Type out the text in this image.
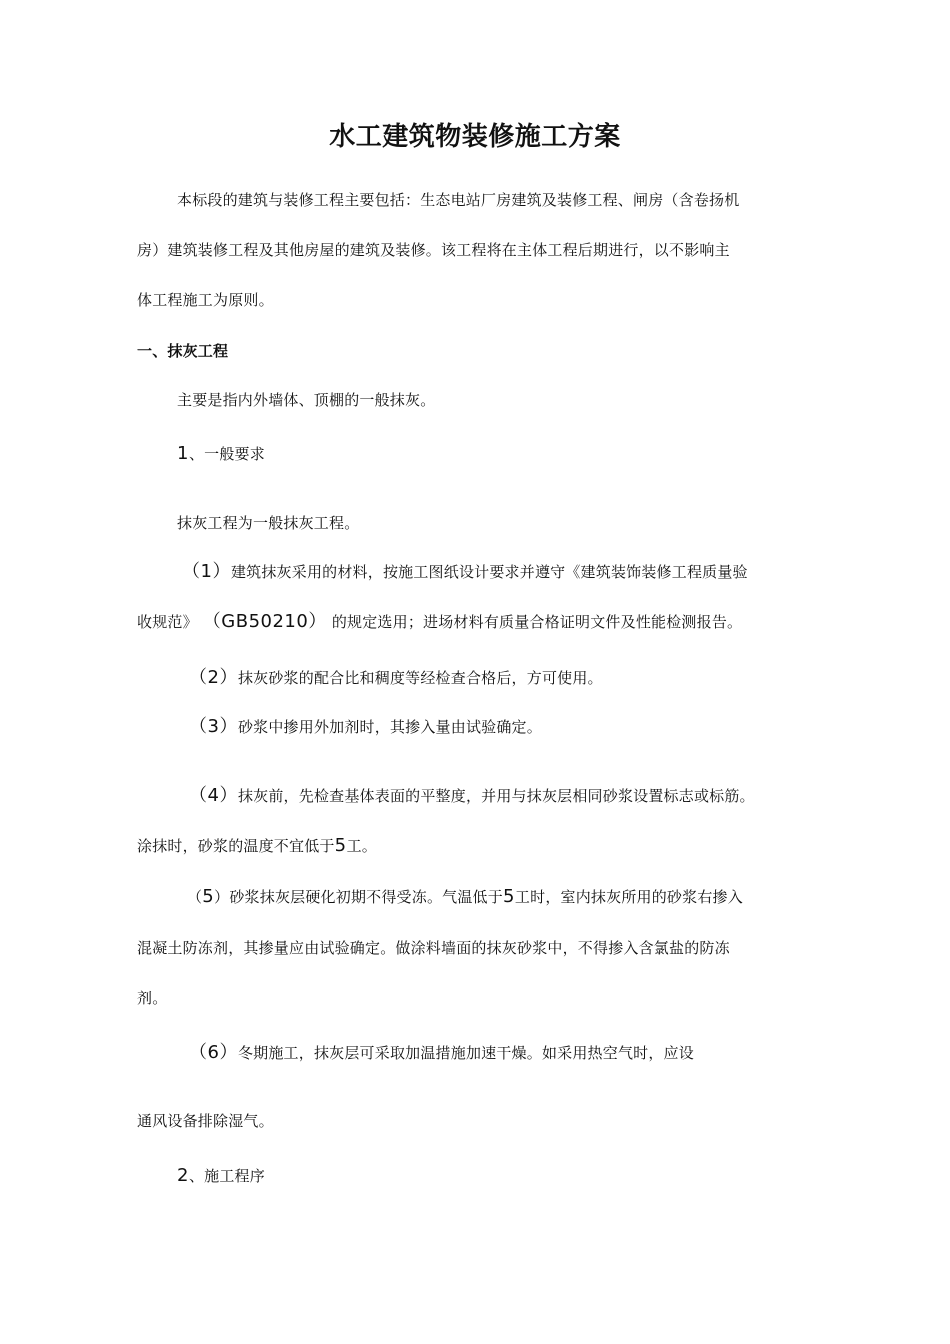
水工建筑物装修施工方案
本标段的建筑与装修工程主要包括：生态电站厂房建筑及装修工程、闸房（含卷扬机
房）建筑装修工程及其他房屋的建筑及装修。该工程将在主体工程后期进行，以不影响主
体工程施工为原则。
一、抹灰工程
主要是指内外墙体、顶棚的一般抹灰。
1、一般要求
抹灰工程为一般抹灰工程。
（1）建筑抹灰采用的材料，按施工图纸设计要求并遵守《建筑装饰装修工程质量验
收规范》 （GB50210） 的规定选用；进场材料有质量合格证明文件及性能检测报告。
（2）抹灰砂浆的配合比和稠度等经检查合格后，方可使用。
（3）砂浆中掺用外加剂时，其掺入量由试验确定。
（4）抹灰前，先检查基体表面的平整度，并用与抹灰层相同砂浆设置标志或标筋。
涂抹时，砂浆的温度不宜低于5工。
（5）砂浆抹灰层硬化初期不得受冻。气温低于5工时，室内抹灰所用的砂浆右掺入
混凝土防冻剂，其掺量应由试验确定。做涂料墙面的抹灰砂浆中，不得掺入含氯盐的防冻
剂。
（6）冬期施工，抹灰层可采取加温措施加速干燥。如采用热空气时，应设
通风设备排除湿气。
2、施工程序
